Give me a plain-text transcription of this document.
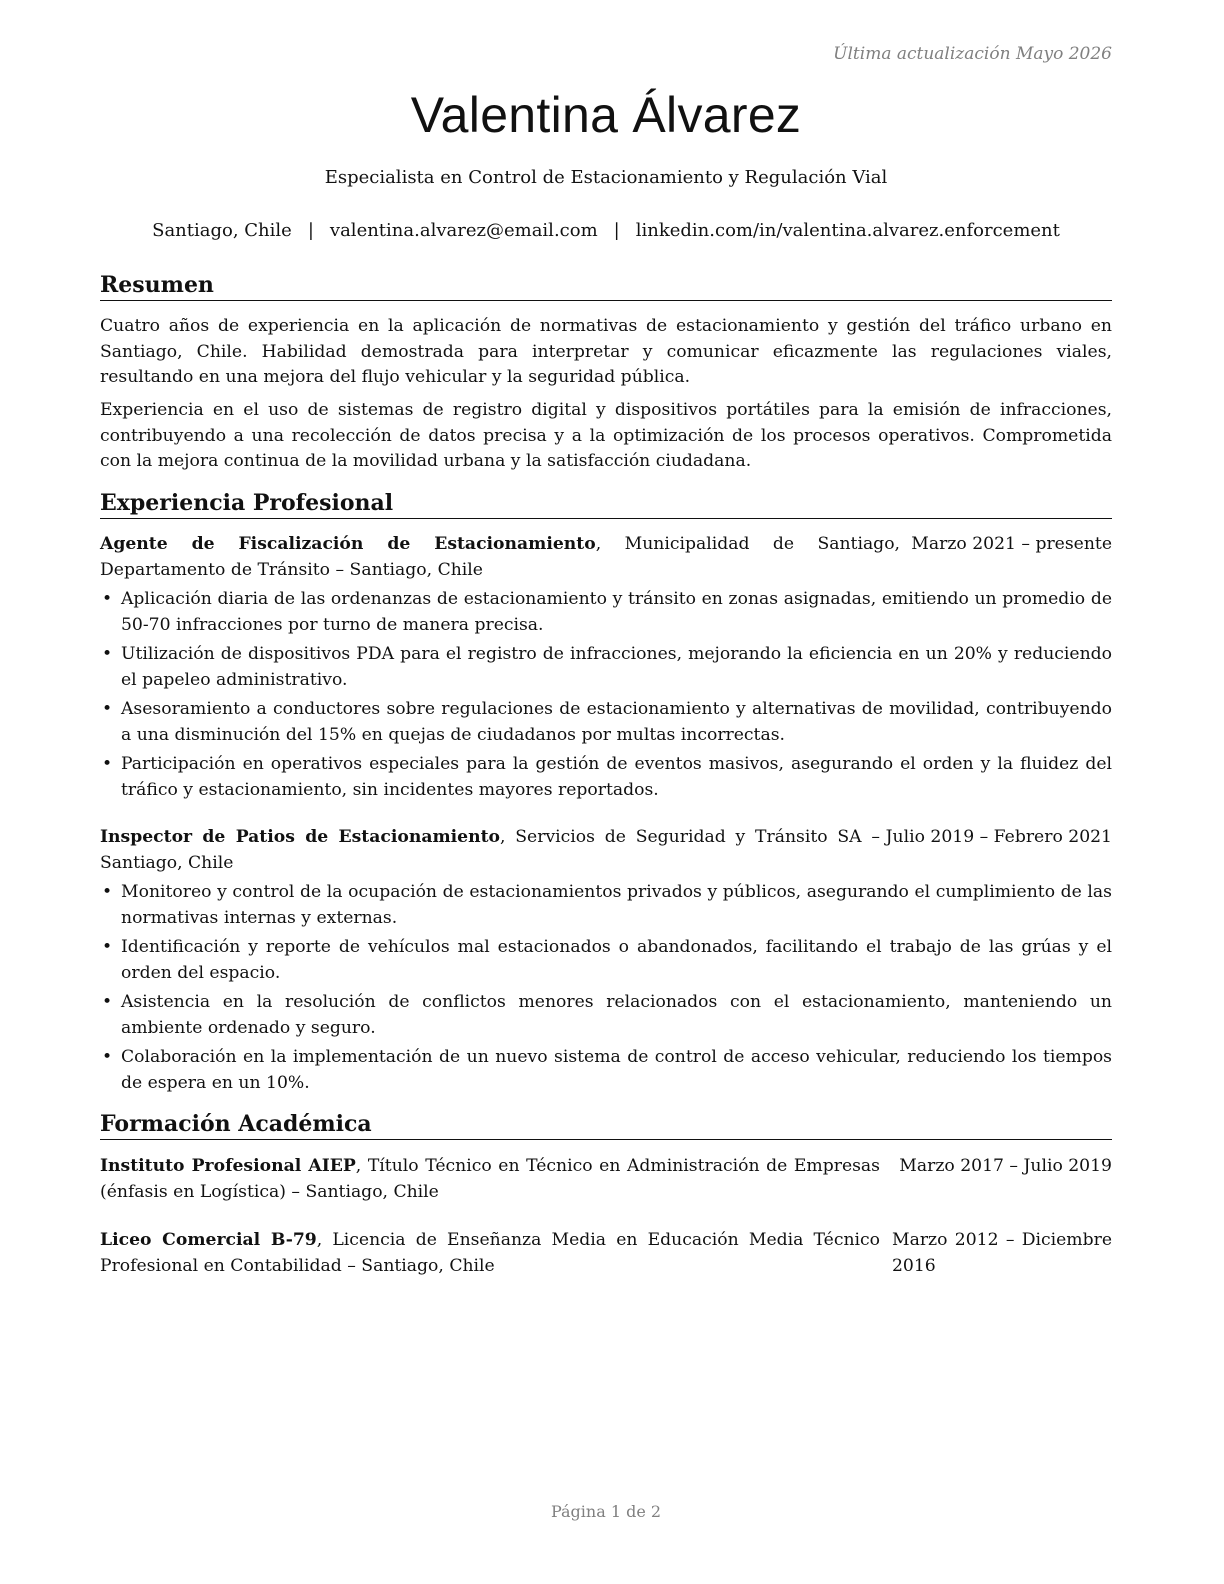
Última actualización Mayo 2026
Valentina Álvarez
Especialista en Control de Estacionamiento y Regulación Vial
Santiago, Chile | valentina.alvarez@email.com | linkedin.com/in/valentina.alvarez.enforcement
Resumen
Cuatro años de experiencia en la aplicación de normativas de estacionamiento y gestión del tráfico urbano en Santiago, Chile. Habilidad demostrada para interpretar y comunicar eficazmente las regulaciones viales, resultando en una mejora del flujo vehicular y la seguridad pública.
Experiencia en el uso de sistemas de registro digital y dispositivos portátiles para la emisión de infracciones, contribuyendo a una recolección de datos precisa y a la optimización de los procesos operativos. Comprometida con la mejora continua de la movilidad urbana y la satisfacción ciudadana.
Experiencia Profesional
Agente de Fiscalización de Estacionamiento, Municipalidad de Santiago, Departamento de Tránsito – Santiago, Chile
Marzo 2021 – presente
• Aplicación diaria de las ordenanzas de estacionamiento y tránsito en zonas asignadas, emitiendo un promedio de 50-70 infracciones por turno de manera precisa.
• Utilización de dispositivos PDA para el registro de infracciones, mejorando la eficiencia en un 20% y reduciendo el papeleo administrativo.
• Asesoramiento a conductores sobre regulaciones de estacionamiento y alternativas de movilidad, contribuyendo a una disminución del 15% en quejas de ciudadanos por multas incorrectas.
• Participación en operativos especiales para la gestión de eventos masivos, asegurando el orden y la fluidez del tráfico y estacionamiento, sin incidentes mayores reportados.
Inspector de Patios de Estacionamiento, Servicios de Seguridad y Tránsito SA – Santiago, Chile
Julio 2019 – Febrero 2021
• Monitoreo y control de la ocupación de estacionamientos privados y públicos, asegurando el cumplimiento de las normativas internas y externas.
• Identificación y reporte de vehículos mal estacionados o abandonados, facilitando el trabajo de las grúas y el orden del espacio.
• Asistencia en la resolución de conflictos menores relacionados con el estacionamiento, manteniendo un ambiente ordenado y seguro.
• Colaboración en la implementación de un nuevo sistema de control de acceso vehicular, reduciendo los tiempos de espera en un 10%.
Formación Académica
Instituto Profesional AIEP, Título Técnico en Técnico en Administración de Empresas (énfasis en Logística) – Santiago, Chile
Marzo 2017 – Julio 2019
Liceo Comercial B-79, Licencia de Enseñanza Media en Educación Media Técnico Profesional en Contabilidad – Santiago, Chile
Marzo 2012 – Diciembre 2016
Página 1 de 2
